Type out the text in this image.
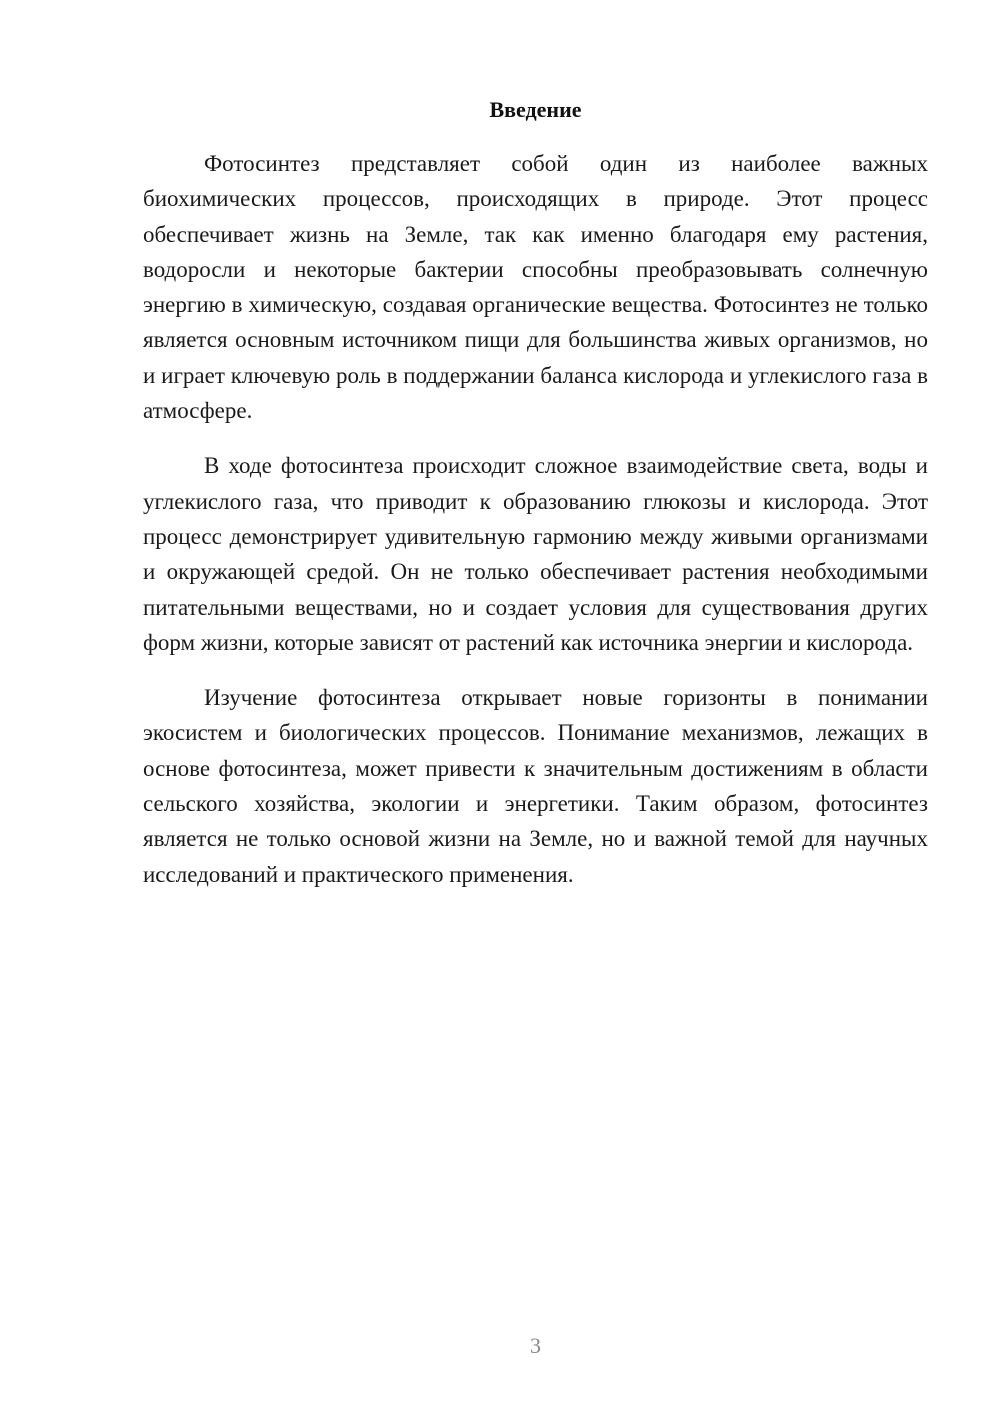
Введение

Фотосинтез представляет собой один из наиболее важных биохимических процессов, происходящих в природе. Этот процесс обеспечивает жизнь на Земле, так как именно благодаря ему растения, водоросли и некоторые бактерии способны преобразовывать солнечную энергию в химическую, создавая органические вещества. Фотосинтез не только является основным источником пищи для большинства живых организмов, но и играет ключевую роль в поддержании баланса кислорода и углекислого газа в атмосфере.

В ходе фотосинтеза происходит сложное взаимодействие света, воды и углекислого газа, что приводит к образованию глюкозы и кислорода. Этот процесс демонстрирует удивительную гармонию между живыми организмами и окружающей средой. Он не только обеспечивает растения необходимыми питательными веществами, но и создает условия для существования других форм жизни, которые зависят от растений как источника энергии и кислорода.

Изучение фотосинтеза открывает новые горизонты в понимании экосистем и биологических процессов. Понимание механизмов, лежащих в основе фотосинтеза, может привести к значительным достижениям в области сельского хозяйства, экологии и энергетики. Таким образом, фотосинтез является не только основой жизни на Земле, но и важной темой для научных исследований и практического применения.

3
